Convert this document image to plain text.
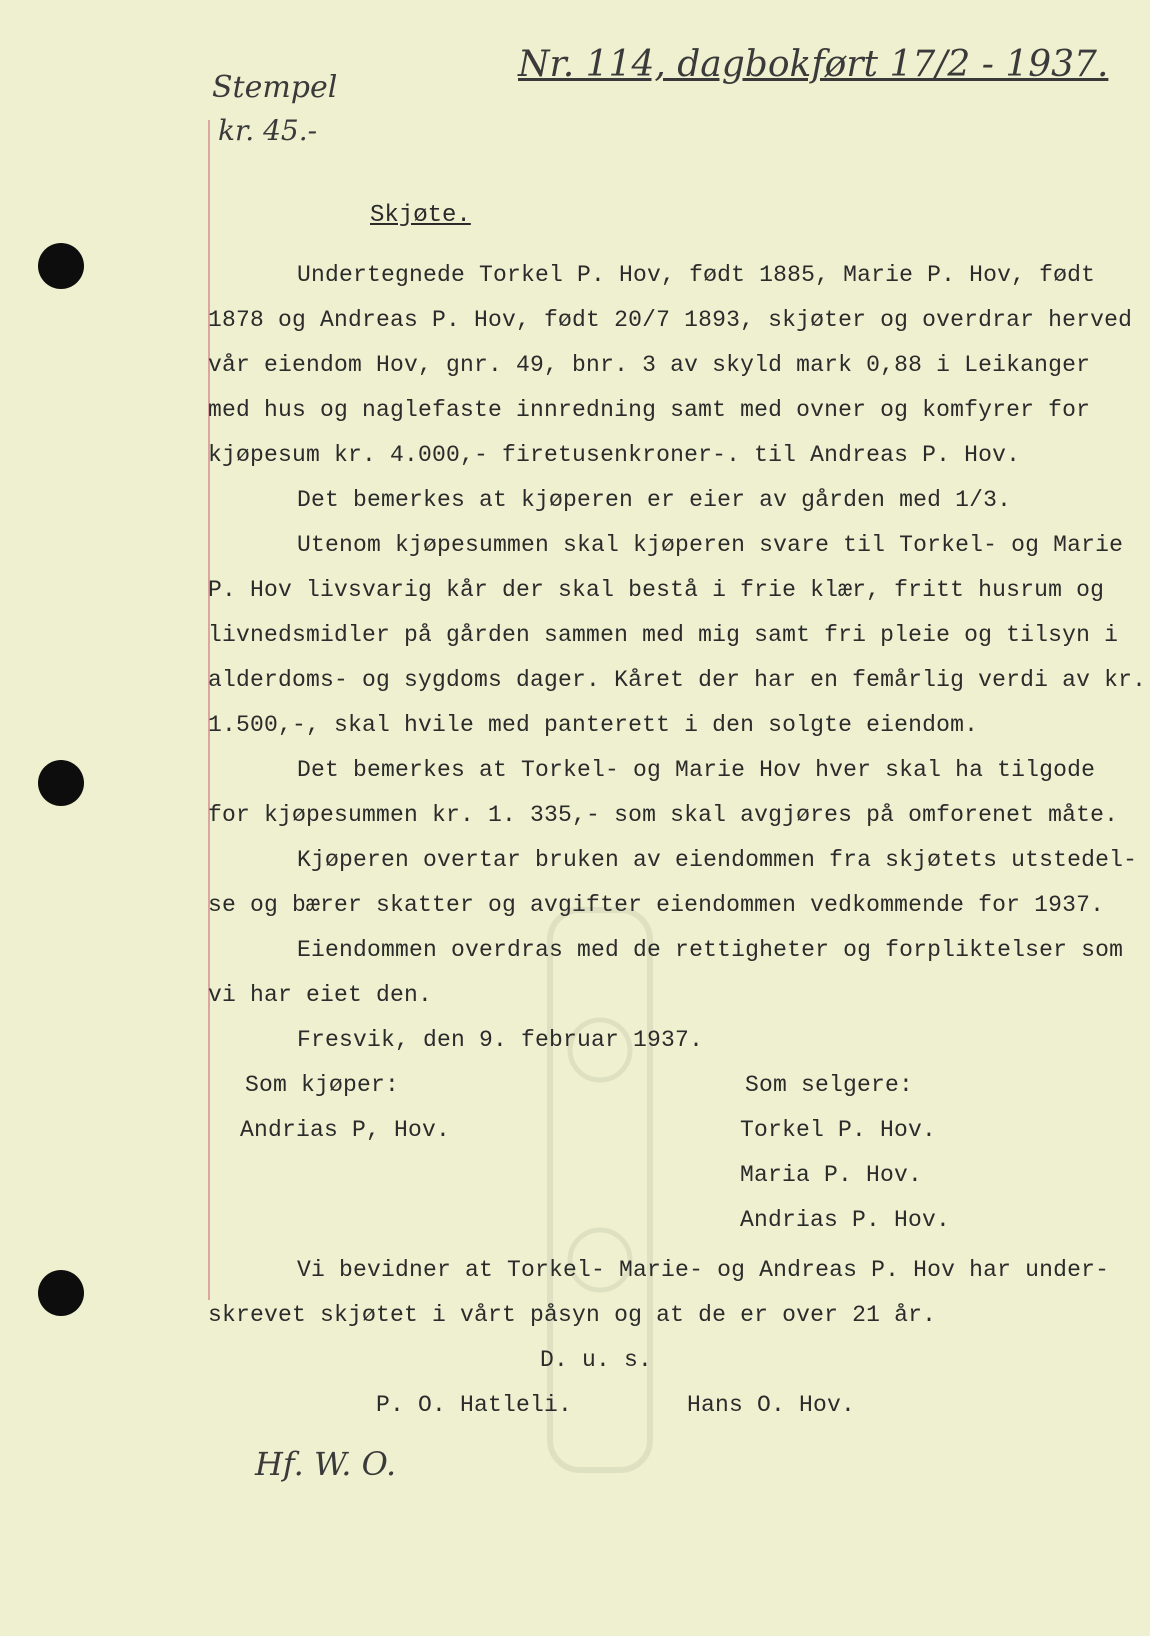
Stempel
kr. 45.-
Nr. 114, dagbokført 17/2 - 1937.
Skjøte.
Undertegnede Torkel P. Hov, født 1885, Marie P. Hov, født
1878 og Andreas P. Hov, født 20/7 1893, skjøter og overdrar herved
vår eiendom Hov, gnr. 49, bnr. 3 av skyld mark 0,88 i Leikanger
med hus og naglefaste innredning samt med ovner og komfyrer for
kjøpesum kr. 4.000,- firetusenkroner-. til Andreas P. Hov.
Det bemerkes at kjøperen er eier av gården med 1/3.
Utenom kjøpesummen skal kjøperen svare til Torkel- og Marie
P. Hov livsvarig kår der skal bestå i frie klær, fritt husrum og
livnedsmidler på gården sammen med mig samt fri pleie og tilsyn i
alderdoms- og sygdoms dager. Kåret der har en femårlig verdi av kr.
1.500,-, skal hvile med panterett i den solgte eiendom.
Det bemerkes at Torkel- og Marie Hov hver skal ha tilgode
for kjøpesummen kr. 1. 335,- som skal avgjøres på omforenet måte.
Kjøperen overtar bruken av eiendommen fra skjøtets utstedel-
se og bærer skatter og avgifter eiendommen vedkommende for 1937.
Eiendommen overdras med de rettigheter og forpliktelser som
vi har eiet den.
Fresvik, den 9. februar 1937.
Som kjøper:	Som selgere:
Andrias P, Hov.	Torkel P. Hov.
Maria P. Hov.
Andrias P. Hov.
Vi bevidner at Torkel- Marie- og Andreas P. Hov har under-
skrevet skjøtet i vårt påsyn og at de er over 21 år.
D. u. s.
P. O. Hatleli.	Hans O. Hov.
Hf. W. O.
